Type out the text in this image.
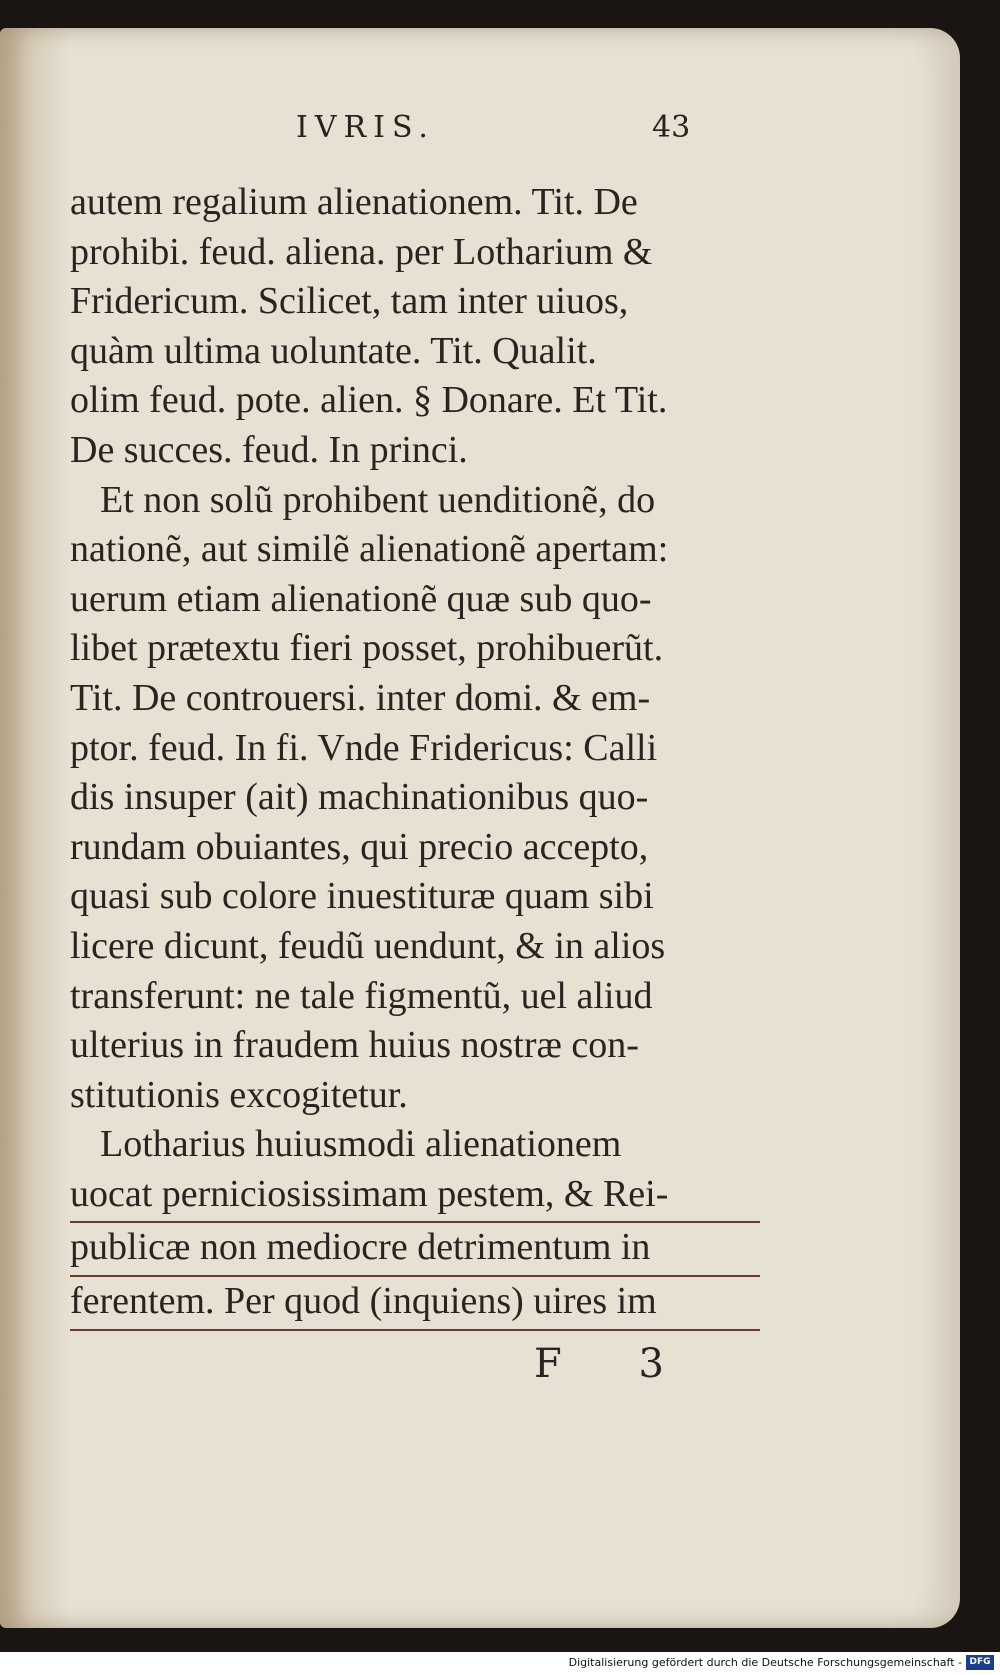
IVRIS.	43
autem regalium alienationem. Tit. De
prohibi. feud. aliena. per Lotharium &
Fridericum. Scilicet, tam inter uiuos,
quàm ultima uoluntate. Tit. Qualit.
olim feud. pote. alien. § Donare. Et Tit.
De succes. feud. In princi.
Et non solũ prohibent uenditionẽ, do
nationẽ, aut similẽ alienationẽ apertam:
uerum etiam alienationẽ quæ sub quo-
libet prætextu fieri posset, prohibuerũt.
Tit. De controuersi. inter domi. & em-
ptor. feud. In fi. Vnde Fridericus: Calli
dis insuper (ait) machinationibus quo-
rundam obuiantes, qui precio accepto,
quasi sub colore inuestituræ quam sibi
licere dicunt, feudũ uendunt, & in alios
transferunt: ne tale figmentũ, uel aliud
ulterius in fraudem huius nostræ con-
stitutionis excogitetur.
Lotharius huiusmodi alienationem
uocat perniciosissimam pestem, & Rei-
publicæ non mediocre detrimentum in
ferentem. Per quod (inquiens) uires im
F 3
Digitalisierung gefördert durch die Deutsche Forschungsgemeinschaft - DFG
